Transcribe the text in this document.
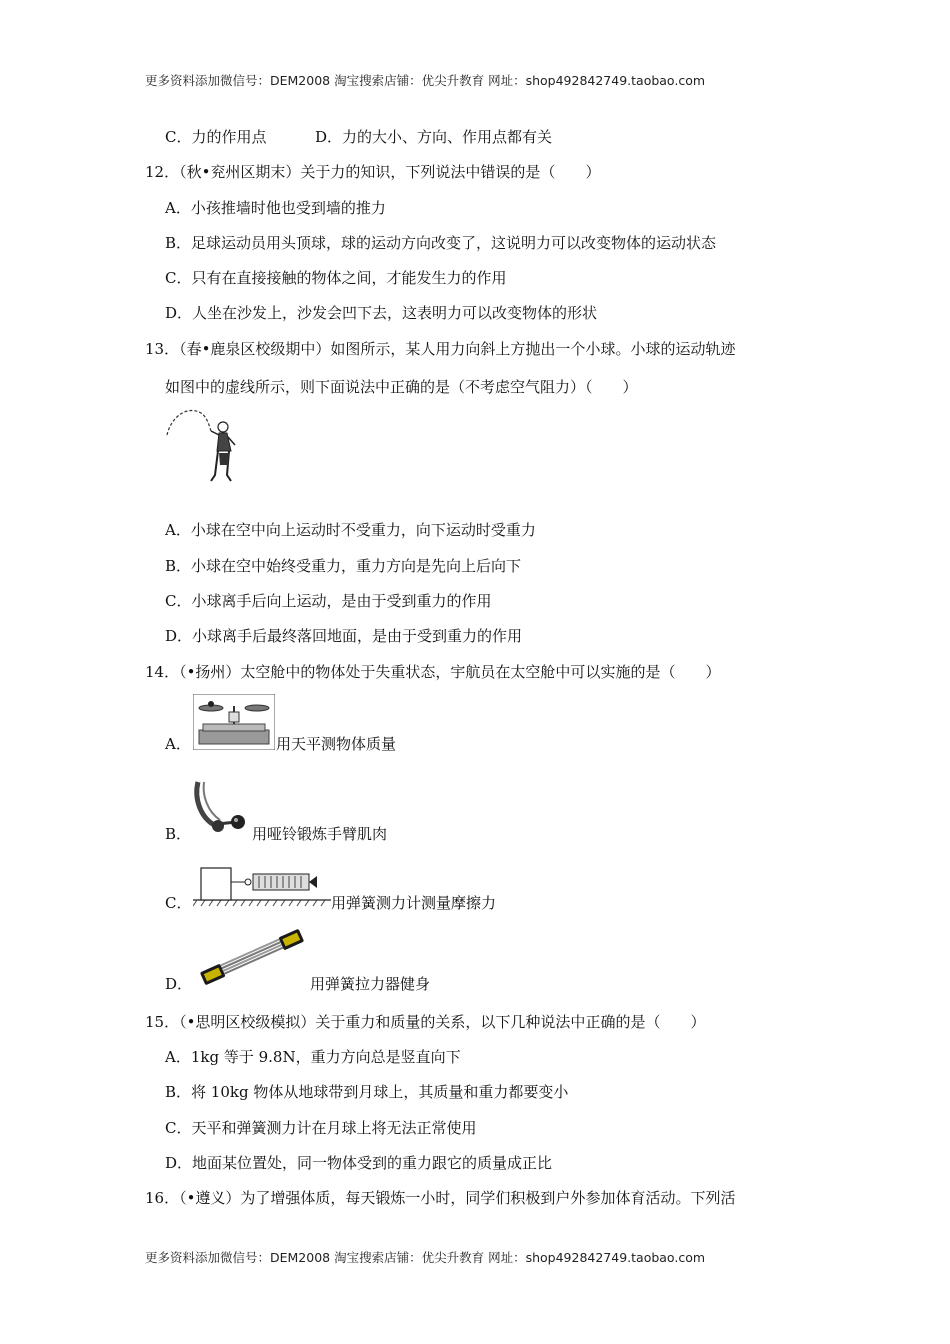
更多资料添加微信号：DEM2008 淘宝搜索店铺：优尖升教育 网址：shop492842749.taobao.com
C．力的作用点	D．力的大小、方向、作用点都有关
12．（秋•兖州区期末）关于力的知识，下列说法中错误的是（　　）
A．小孩推墙时他也受到墙的推力
B．足球运动员用头顶球，球的运动方向改变了，这说明力可以改变物体的运动状态
C．只有在直接接触的物体之间，才能发生力的作用
D．人坐在沙发上，沙发会凹下去，这表明力可以改变物体的形状
13．（春•鹿泉区校级期中）如图所示，某人用力向斜上方抛出一个小球。小球的运动轨迹
如图中的虚线所示，则下面说法中正确的是（不考虑空气阻力）（　　）
A．小球在空中向上运动时不受重力，向下运动时受重力
B．小球在空中始终受重力，重力方向是先向上后向下
C．小球离手后向上运动，是由于受到重力的作用
D．小球离手后最终落回地面，是由于受到重力的作用
14．（•扬州）太空舱中的物体处于失重状态，宇航员在太空舱中可以实施的是（　　）
A．	用天平测物体质量
B．	用哑铃锻炼手臂肌肉
C．	用弹簧测力计测量摩擦力
D．	用弹簧拉力器健身
15．（•思明区校级模拟）关于重力和质量的关系，以下几种说法中正确的是（　　）
A．1kg 等于 9.8N，重力方向总是竖直向下
B．将 10kg 物体从地球带到月球上，其质量和重力都要变小
C．天平和弹簧测力计在月球上将无法正常使用
D．地面某位置处，同一物体受到的重力跟它的质量成正比
16．（•遵义）为了增强体质，每天锻炼一小时，同学们积极到户外参加体育活动。下列活
更多资料添加微信号：DEM2008 淘宝搜索店铺：优尖升教育 网址：shop492842749.taobao.com
